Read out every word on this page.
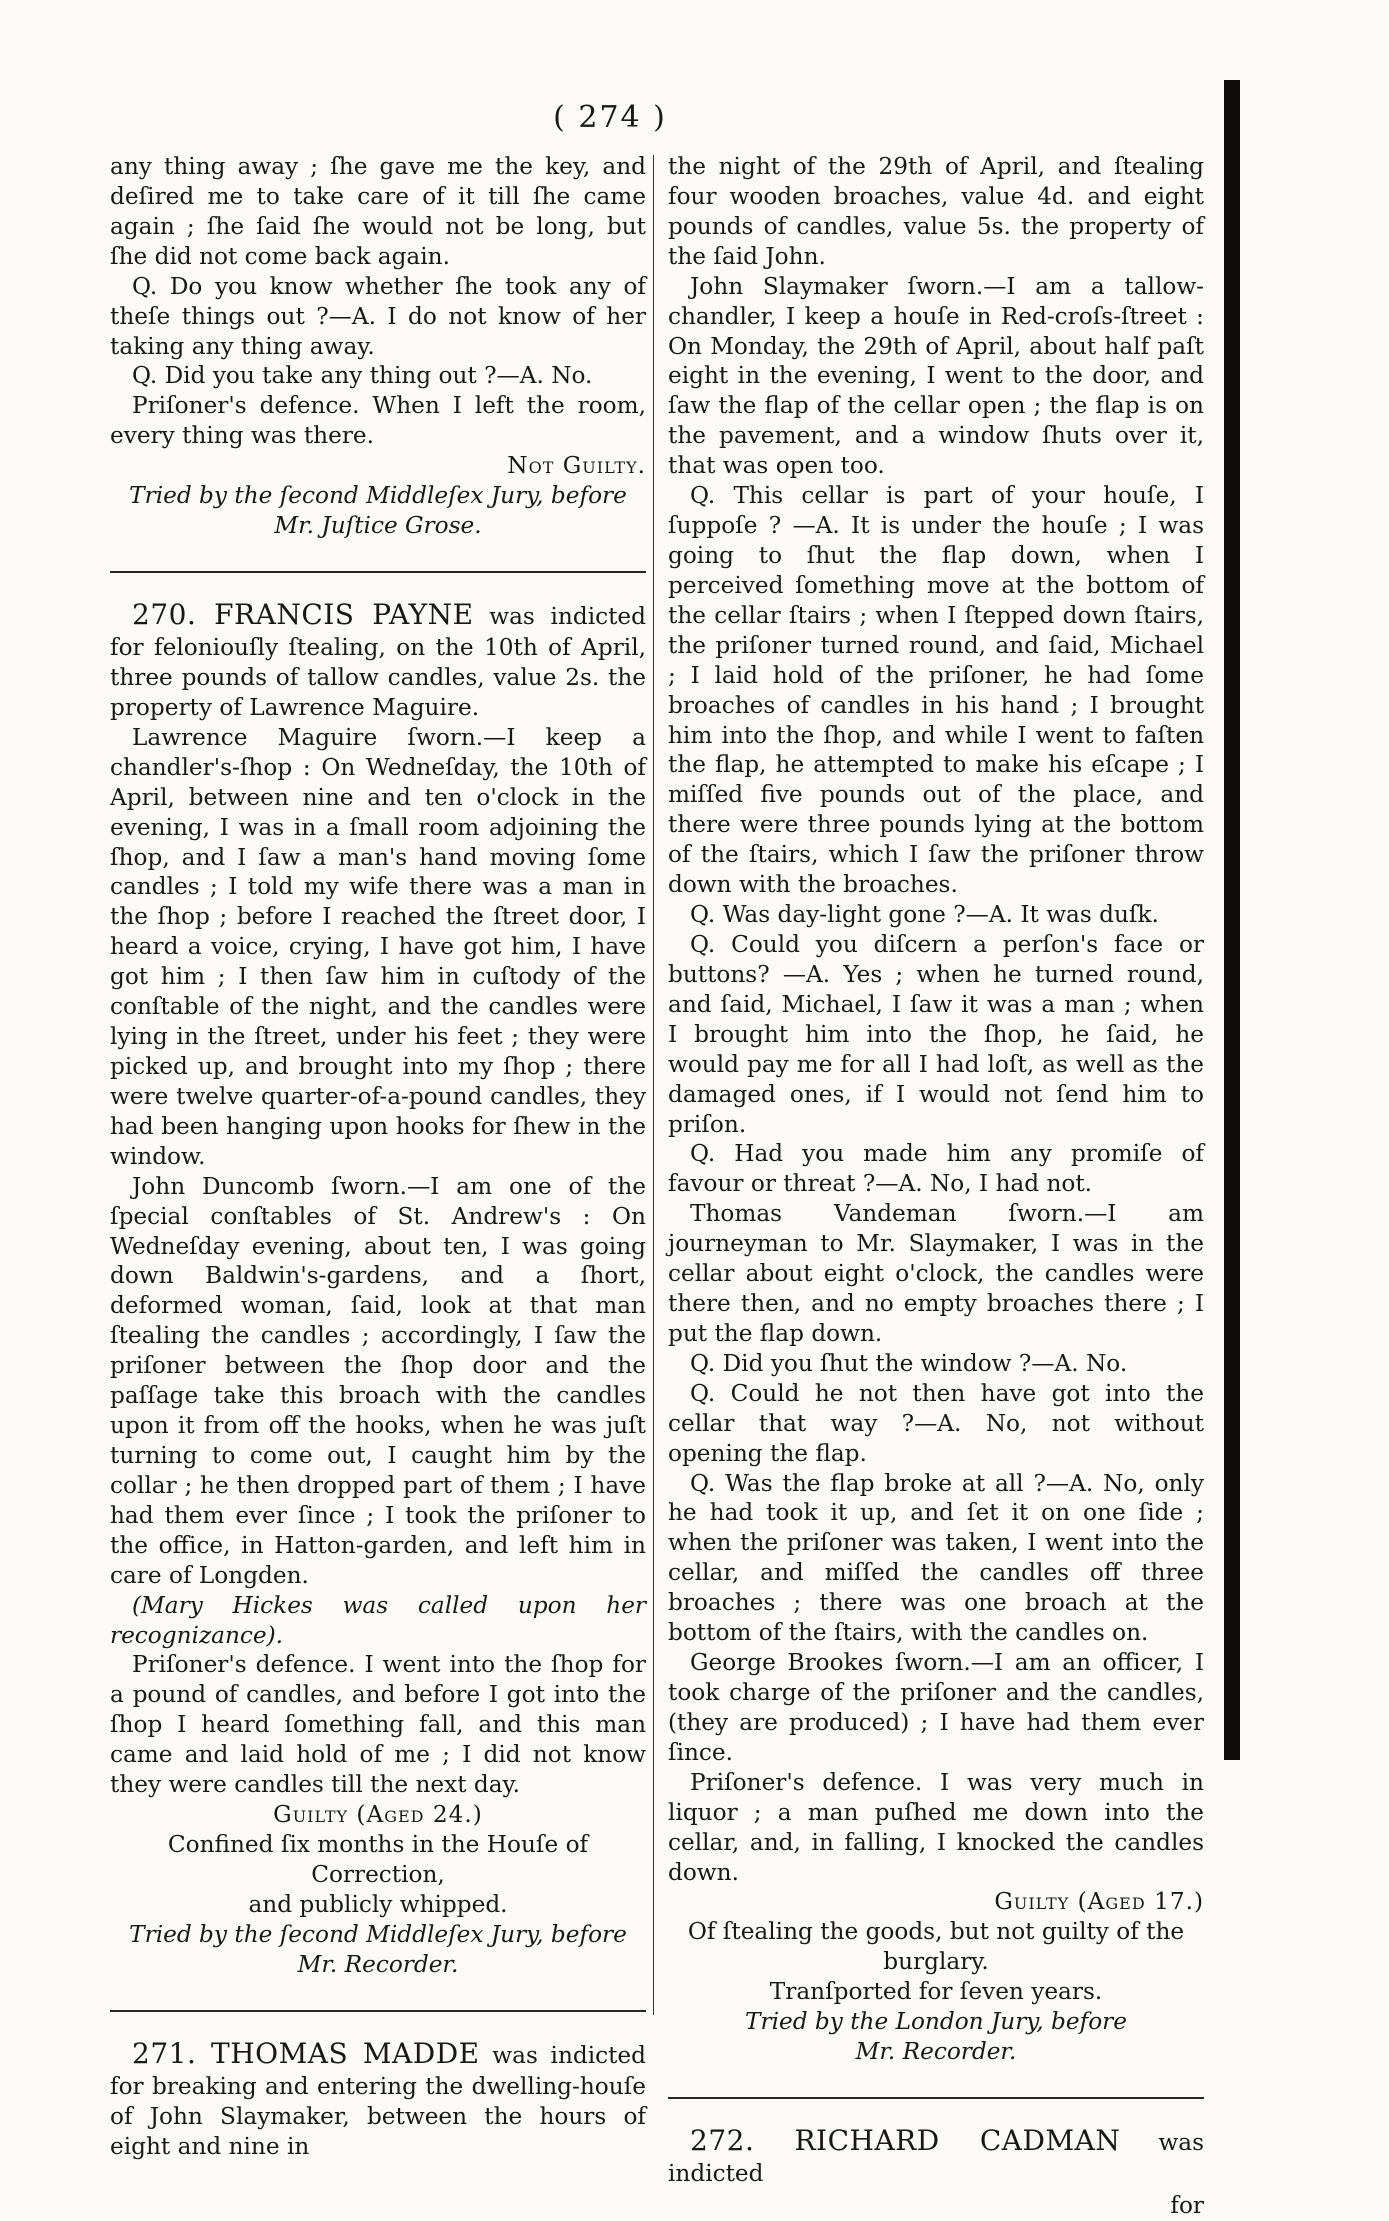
( 274 )

any thing away ; ſhe gave me the key, and deſired me to take care of it till ſhe came again ; ſhe ſaid ſhe would not be long, but ſhe did not come back again.

Q. Do you know whether ſhe took any of theſe things out ?—A. I do not know of her taking any thing away.

Q. Did you take any thing out ?—A. No.

Priſoner's defence. When I left the room, every thing was there.

Not Guilty.

Tried by the ſecond Middleſex Jury, before

Mr. Juſtice Grose.

270. FRANCIS PAYNE was indicted for feloniouſly ſtealing, on the 10th of April, three pounds of tallow candles, value 2s. the property of Lawrence Maguire.

Lawrence Maguire ſworn.—I keep a chandler's-ſhop : On Wedneſday, the 10th of April, between nine and ten o'clock in the evening, I was in a ſmall room adjoining the ſhop, and I ſaw a man's hand moving ſome candles ; I told my wife there was a man in the ſhop ; before I reached the ſtreet door, I heard a voice, crying, I have got him, I have got him ; I then ſaw him in cuſtody of the conſtable of the night, and the candles were lying in the ſtreet, under his feet ; they were picked up, and brought into my ſhop ; there were twelve quarter-of-a-pound candles, they had been hanging upon hooks for ſhew in the window.

John Duncomb ſworn.—I am one of the ſpecial conſtables of St. Andrew's : On Wedneſday evening, about ten, I was going down Baldwin's-gardens, and a ſhort, deformed woman, ſaid, look at that man ſtealing the candles ; accordingly, I ſaw the priſoner between the ſhop door and the paſſage take this broach with the candles upon it from off the hooks, when he was juſt turning to come out, I caught him by the collar ; he then dropped part of them ; I have had them ever ſince ; I took the priſoner to the office, in Hatton-garden, and left him in care of Longden.

(Mary Hickes was called upon her recognizance).

Priſoner's defence. I went into the ſhop for a pound of candles, and before I got into the ſhop I heard ſomething fall, and this man came and laid hold of me ; I did not know they were candles till the next day.

Guilty (Aged 24.)

Confined ſix months in the Houſe of Correction,

and publicly whipped.

Tried by the ſecond Middleſex Jury, before

Mr. Recorder.

271. THOMAS MADDE was indicted for breaking and entering the dwelling-houſe of John Slaymaker, between the hours of eight and nine in

the night of the 29th of April, and ſtealing four wooden broaches, value 4d. and eight pounds of candles, value 5s. the property of the ſaid John.

John Slaymaker ſworn.—I am a tallow-chandler, I keep a houſe in Red-croſs-ſtreet : On Monday, the 29th of April, about half paſt eight in the evening, I went to the door, and ſaw the flap of the cellar open ; the flap is on the pavement, and a window ſhuts over it, that was open too.

Q. This cellar is part of your houſe, I ſuppoſe ? —A. It is under the houſe ; I was going to ſhut the flap down, when I perceived ſomething move at the bottom of the cellar ſtairs ; when I ſtepped down ſtairs, the priſoner turned round, and ſaid, Michael ; I laid hold of the priſoner, he had ſome broaches of candles in his hand ; I brought him into the ſhop, and while I went to faſten the flap, he attempted to make his eſcape ; I miſſed five pounds out of the place, and there were three pounds lying at the bottom of the ſtairs, which I ſaw the priſoner throw down with the broaches.

Q. Was day-light gone ?—A. It was duſk.

Q. Could you diſcern a perſon's face or buttons? —A. Yes ; when he turned round, and ſaid, Michael, I ſaw it was a man ; when I brought him into the ſhop, he ſaid, he would pay me for all I had loſt, as well as the damaged ones, if I would not ſend him to priſon.

Q. Had you made him any promiſe of favour or threat ?—A. No, I had not.

Thomas Vandeman ſworn.—I am journeyman to Mr. Slaymaker, I was in the cellar about eight o'clock, the candles were there then, and no empty broaches there ; I put the flap down.

Q. Did you ſhut the window ?—A. No.

Q. Could he not then have got into the cellar that way ?—A. No, not without opening the flap.

Q. Was the flap broke at all ?—A. No, only he had took it up, and ſet it on one ſide ; when the priſoner was taken, I went into the cellar, and miſſed the candles off three broaches ; there was one broach at the bottom of the ſtairs, with the candles on.

George Brookes ſworn.—I am an officer, I took charge of the priſoner and the candles, (they are produced) ; I have had them ever ſince.

Priſoner's defence. I was very much in liquor ; a man puſhed me down into the cellar, and, in falling, I knocked the candles down.

Guilty (Aged 17.)

Of ſtealing the goods, but not guilty of the

burglary.

Tranſported for ſeven years.

Tried by the London Jury, before

Mr. Recorder.

272. RICHARD CADMAN was indicted

for
